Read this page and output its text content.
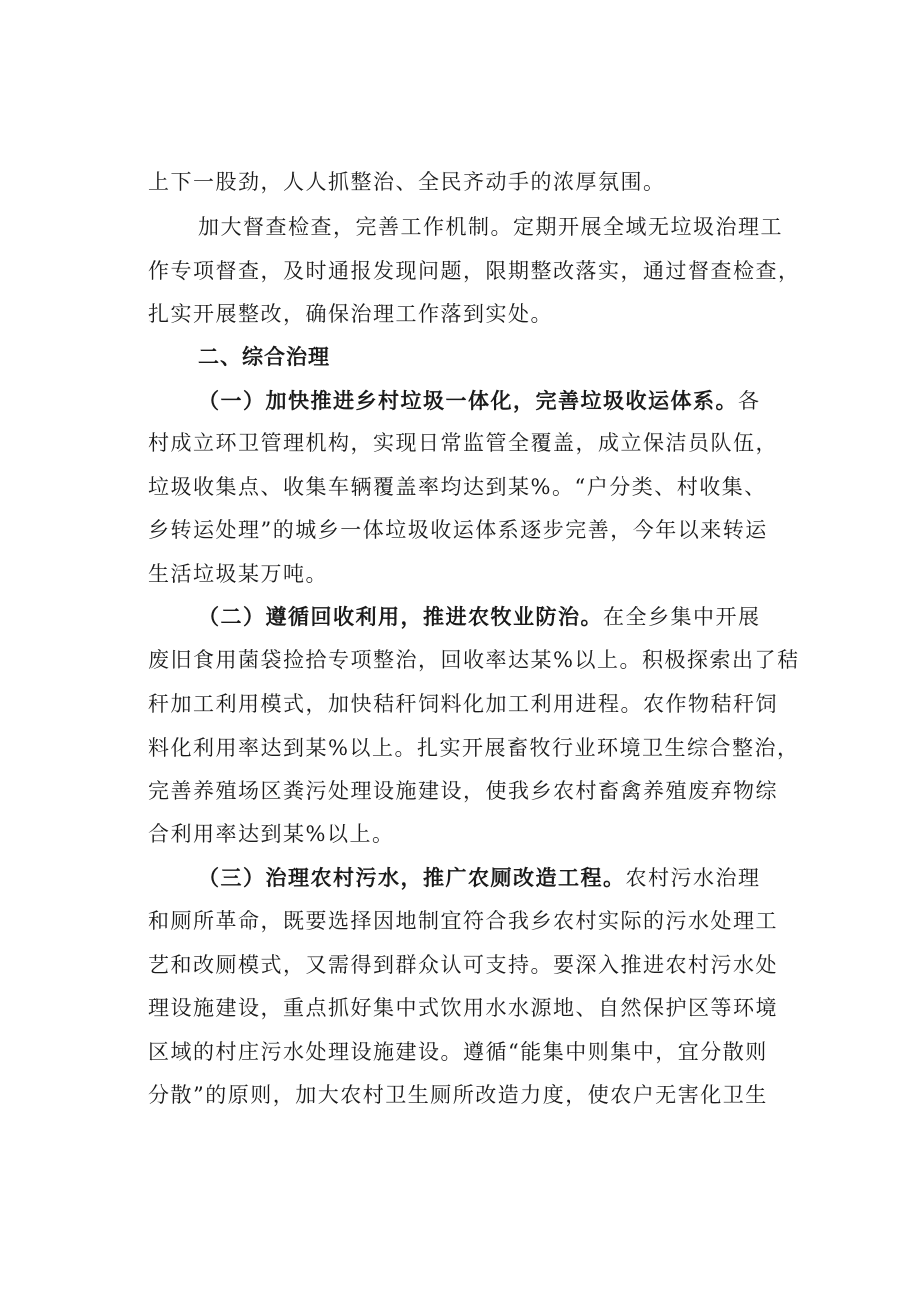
上下一股劲，人人抓整治、全民齐动手的浓厚氛围。
加大督查检查，完善工作机制。定期开展全域无垃圾治理工
作专项督查，及时通报发现问题，限期整改落实，通过督查检查，
扎实开展整改，确保治理工作落到实处。
二、综合治理
（一）加快推进乡村垃圾一体化，完善垃圾收运体系。各
村成立环卫管理机构，实现日常监管全覆盖，成立保洁员队伍，
垃圾收集点、收集车辆覆盖率均达到某%。“户分类、村收集、
乡转运处理”的城乡一体垃圾收运体系逐步完善，今年以来转运
生活垃圾某万吨。
（二）遵循回收利用，推进农牧业防治。在全乡集中开展
废旧食用菌袋捡拾专项整治，回收率达某%以上。积极探索出了秸
秆加工利用模式，加快秸秆饲料化加工利用进程。农作物秸秆饲
料化利用率达到某%以上。扎实开展畜牧行业环境卫生综合整治，
完善养殖场区粪污处理设施建设，使我乡农村畜禽养殖废弃物综
合利用率达到某%以上。
（三）治理农村污水，推广农厕改造工程。农村污水治理
和厕所革命，既要选择因地制宜符合我乡农村实际的污水处理工
艺和改厕模式，又需得到群众认可支持。要深入推进农村污水处
理设施建设，重点抓好集中式饮用水水源地、自然保护区等环境
区域的村庄污水处理设施建设。遵循“能集中则集中，宜分散则
分散”的原则，加大农村卫生厕所改造力度，使农户无害化卫生
